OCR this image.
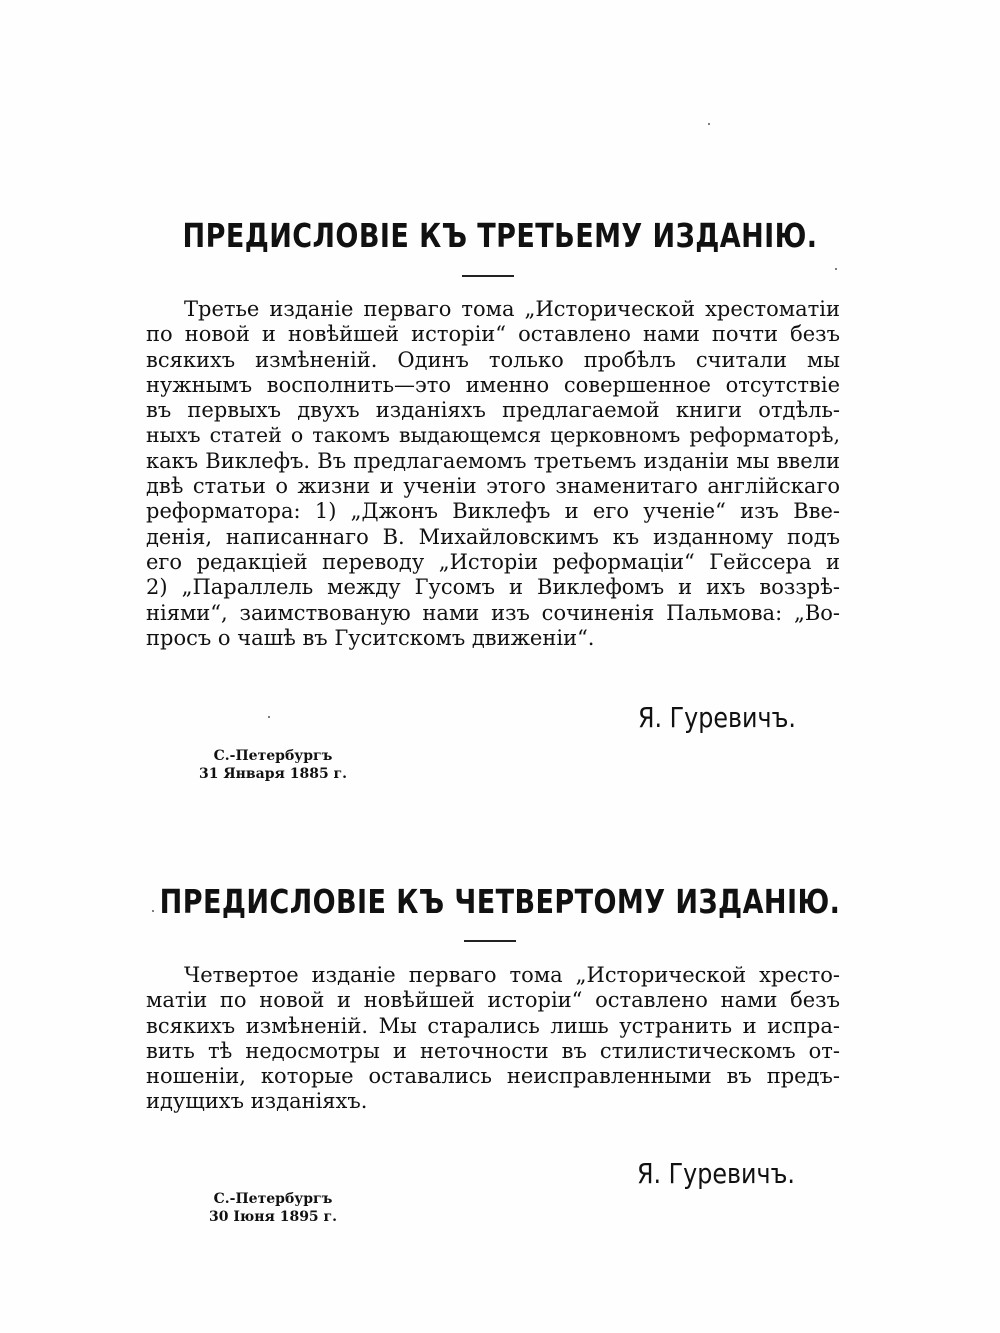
ПРЕДИСЛОВІЕ КЪ ТРЕТЬЕМУ ИЗДАНІЮ.
Третье изданіе перваго тома „Исторической хрестоматіи
по новой и новѣйшей исторіи“ оставлено нами почти безъ
всякихъ измѣненій. Одинъ только пробѣлъ считали мы
нужнымъ восполнить—это именно совершенное отсутствіе
въ первыхъ двухъ изданіяхъ предлагаемой книги отдѣль-
ныхъ статей о такомъ выдающемся церковномъ реформаторѣ,
какъ Виклефъ. Въ предлагаемомъ третьемъ изданіи мы ввели
двѣ статьи о жизни и ученіи этого знаменитаго англійскаго
реформатора: 1) „Джонъ Виклефъ и его ученіе“ изъ Вве-
денія, написаннаго В. Михайловскимъ къ изданному подъ
его редакціей переводу „Исторіи реформаціи“ Гейссера и
2) „Параллель между Гусомъ и Виклефомъ и ихъ воззрѣ-
ніями“, заимствованую нами изъ сочиненія Пальмова: „Во-
просъ о чашѣ въ Гуситскомъ движеніи“.
Я. Гуревичъ.
С.-Петербургъ
31 Января 1885 г.
ПРЕДИСЛОВІЕ КЪ ЧЕТВЕРТОМУ ИЗДАНІЮ.
Четвертое изданіе перваго тома „Исторической хресто-
матіи по новой и новѣйшей исторіи“ оставлено нами безъ
всякихъ измѣненій. Мы старались лишь устранить и испра-
вить тѣ недосмотры и неточности въ стилистическомъ от-
ношеніи, которые оставались неисправленными въ предъ-
идущихъ изданіяхъ.
Я. Гуревичъ.
С.-Петербургъ
30 Іюня 1895 г.
